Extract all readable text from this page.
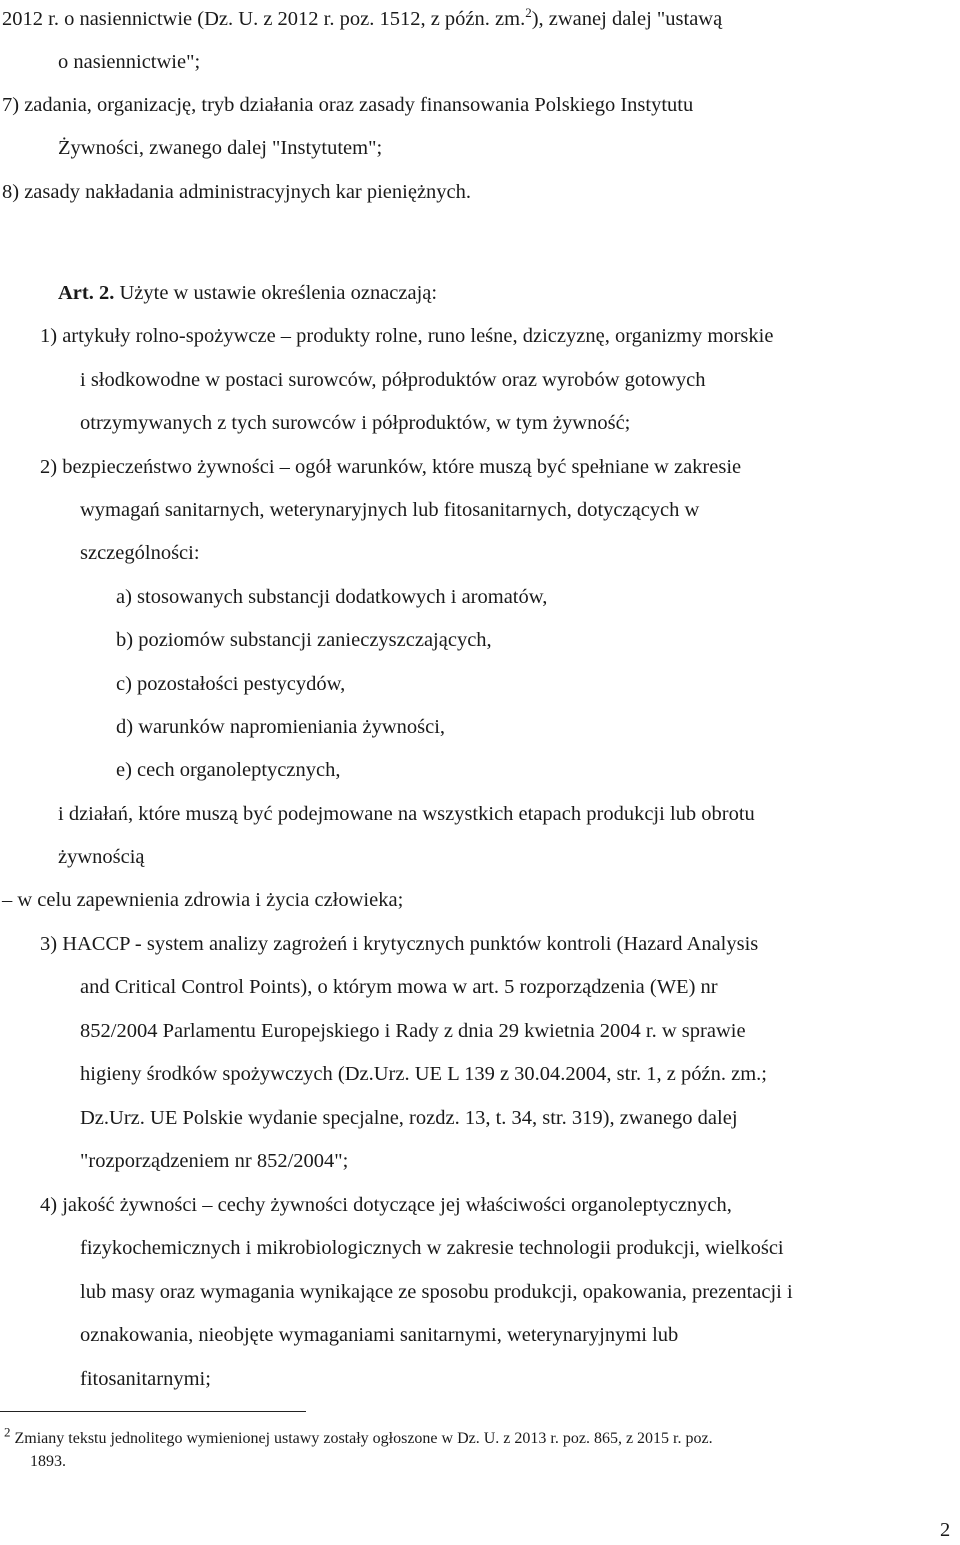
2012 r. o nasiennictwie (Dz. U. z 2012 r. poz. 1512, z późn. zm.$^2$), zwanej dalej "ustawą
o nasiennictwie";
7) zadania, organizację, tryb działania oraz zasady finansowania Polskiego Instytutu
Żywności, zwanego dalej "Instytutem";
8) zasady nakładania administracyjnych kar pieniężnych.
Art. 2. Użyte w ustawie określenia oznaczają:
1) artykuły rolno-spożywcze – produkty rolne, runo leśne, dziczyznę, organizmy morskie
i słodkowodne w postaci surowców, półproduktów oraz wyrobów gotowych
otrzymywanych z tych surowców i półproduktów, w tym żywność;
2) bezpieczeństwo żywności – ogół warunków, które muszą być spełniane w zakresie
wymagań sanitarnych, weterynaryjnych lub fitosanitarnych, dotyczących w
szczególności:
a) stosowanych substancji dodatkowych i aromatów,
b) poziomów substancji zanieczyszczających,
c) pozostałości pestycydów,
d) warunków napromieniania żywności,
e) cech organoleptycznych,
i działań, które muszą być podejmowane na wszystkich etapach produkcji lub obrotu
żywnością
– w celu zapewnienia zdrowia i życia człowieka;
3) HACCP - system analizy zagrożeń i krytycznych punktów kontroli (Hazard Analysis
and Critical Control Points), o którym mowa w art. 5 rozporządzenia (WE) nr
852/2004 Parlamentu Europejskiego i Rady z dnia 29 kwietnia 2004 r. w sprawie
higieny środków spożywczych (Dz.Urz. UE L 139 z 30.04.2004, str. 1, z późn. zm.;
Dz.Urz. UE Polskie wydanie specjalne, rozdz. 13, t. 34, str. 319), zwanego dalej
"rozporządzeniem nr 852/2004";
4) jakość żywności – cechy żywności dotyczące jej właściwości organoleptycznych,
fizykochemicznych i mikrobiologicznych w zakresie technologii produkcji, wielkości
lub masy oraz wymagania wynikające ze sposobu produkcji, opakowania, prezentacji i
oznakowania, nieobjęte wymaganiami sanitarnymi, weterynaryjnymi lub
fitosanitarnymi;
$^2$ Zmiany tekstu jednolitego wymienionej ustawy zostały ogłoszone w Dz. U. z 2013 r. poz. 865, z 2015 r. poz.
1893.
2
